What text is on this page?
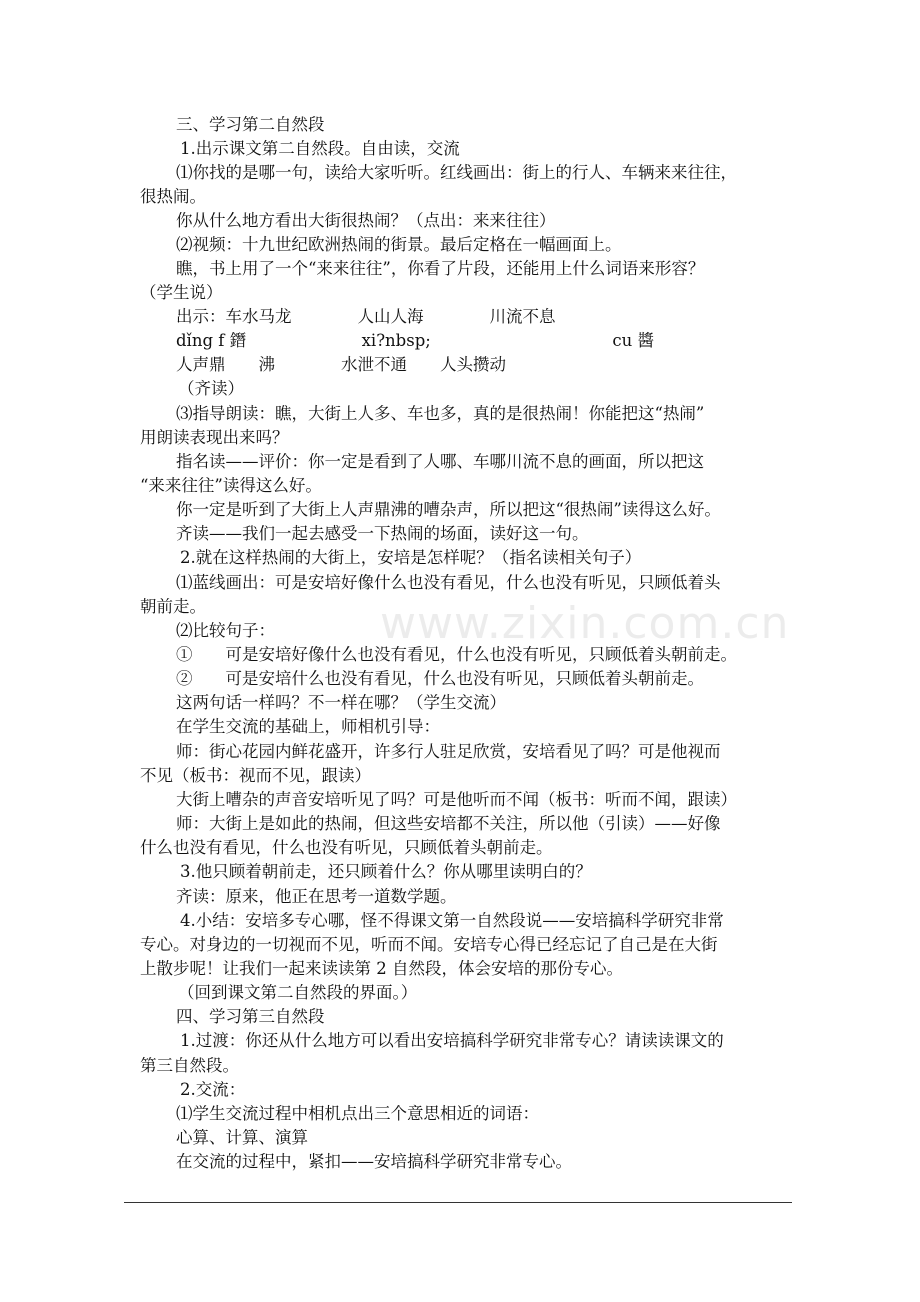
www.zixin.com.cn
三、学习第二自然段
1.出示课文第二自然段。自由读，交流
⑴你找的是哪一句，读给大家听听。红线画出：街上的行人、车辆来来往往，
很热闹。
你从什么地方看出大街很热闹？（点出：来来往往）
⑵视频：十九世纪欧洲热闹的街景。最后定格在一幅画面上。
瞧，书上用了一个“来来往往”，你看了片段，还能用上什么词语来形容？
（学生说）
出示：车水马龙　　　　人山人海　　　　川流不息
dǐng f 鐕　　　　　　　xi?nbsp;　　　　　　　　　　　cu 醬
人声鼎　　沸　　　　水泄不通　　人头攒动
（齐读）
⑶指导朗读：瞧，大街上人多、车也多，真的是很热闹！你能把这“热闹”
用朗读表现出来吗？
指名读——评价：你一定是看到了人哪、车哪川流不息的画面，所以把这
“来来往往”读得这么好。
你一定是听到了大街上人声鼎沸的嘈杂声，所以把这“很热闹”读得这么好。
齐读——我们一起去感受一下热闹的场面，读好这一句。
2.就在这样热闹的大街上，安培是怎样呢？（指名读相关句子）
⑴蓝线画出：可是安培好像什么也没有看见，什么也没有听见，只顾低着头
朝前走。
⑵比较句子：
①　　可是安培好像什么也没有看见，什么也没有听见，只顾低着头朝前走。
②　　可是安培什么也没有看见，什么也没有听见，只顾低着头朝前走。
这两句话一样吗？不一样在哪？（学生交流）
在学生交流的基础上，师相机引导：
师：街心花园内鲜花盛开，许多行人驻足欣赏，安培看见了吗？可是他视而
不见（板书：视而不见，跟读）
大街上嘈杂的声音安培听见了吗？可是他听而不闻（板书：听而不闻，跟读）
师：大街上是如此的热闹，但这些安培都不关注，所以他（引读）——好像
什么也没有看见，什么也没有听见，只顾低着头朝前走。
3.他只顾着朝前走，还只顾着什么？你从哪里读明白的？
齐读：原来，他正在思考一道数学题。
4.小结：安培多专心哪，怪不得课文第一自然段说——安培搞科学研究非常
专心。对身边的一切视而不见，听而不闻。安培专心得已经忘记了自己是在大街
上散步呢！让我们一起来读读第 2 自然段，体会安培的那份专心。
（回到课文第二自然段的界面。）
四、学习第三自然段
1.过渡：你还从什么地方可以看出安培搞科学研究非常专心？请读读课文的
第三自然段。
2.交流：
⑴学生交流过程中相机点出三个意思相近的词语：
心算、计算、演算
在交流的过程中，紧扣——安培搞科学研究非常专心。
